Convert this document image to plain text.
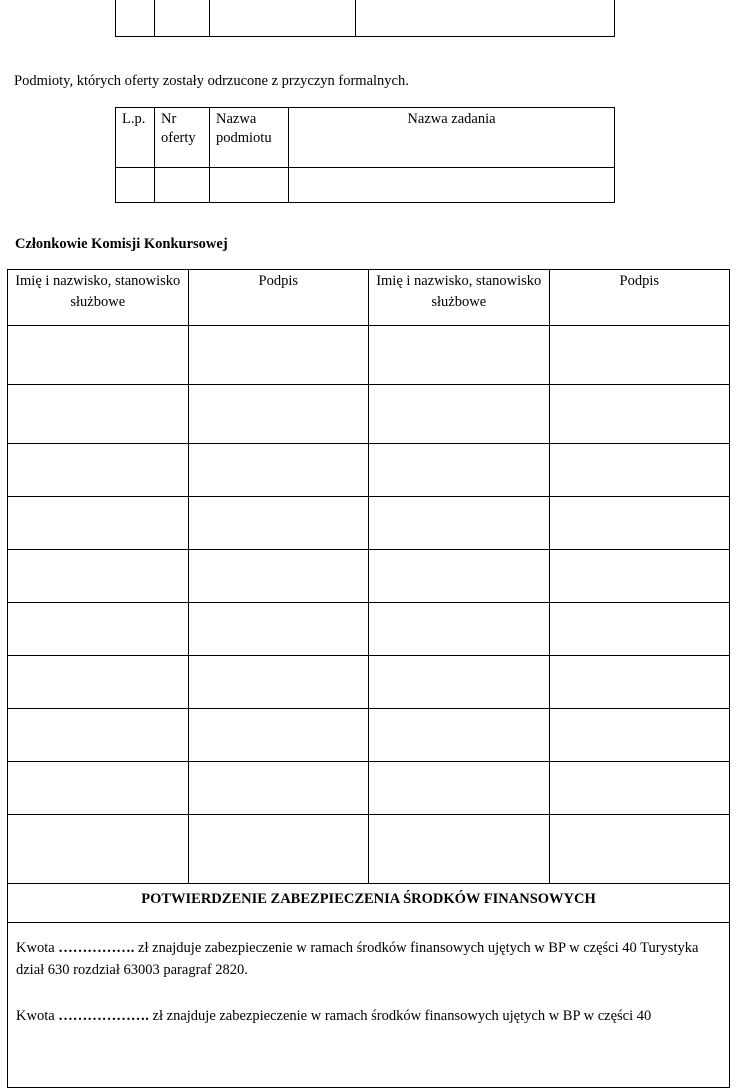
Podmioty, których oferty zostały odrzucone z przyczyn formalnych.
L.p.	Nr oferty	Nazwa podmiotu	Nazwa zadania

Członkowie Komisji Konkursowej
Imię i nazwisko, stanowisko służbowe	Podpis	Imię i nazwisko, stanowisko służbowe	Podpis

POTWIERDZENIE ZABEZPIECZENIA ŚRODKÓW FINANSOWYCH			

Kwota ……………. zł znajduje zabezpieczenie w ramach środków finansowych ujętych w BP w części 40 Turystyka dział 630 rozdział 63003 paragraf 2820.

Kwota ………………. zł znajduje zabezpieczenie w ramach środków finansowych ujętych w BP w części 40			
